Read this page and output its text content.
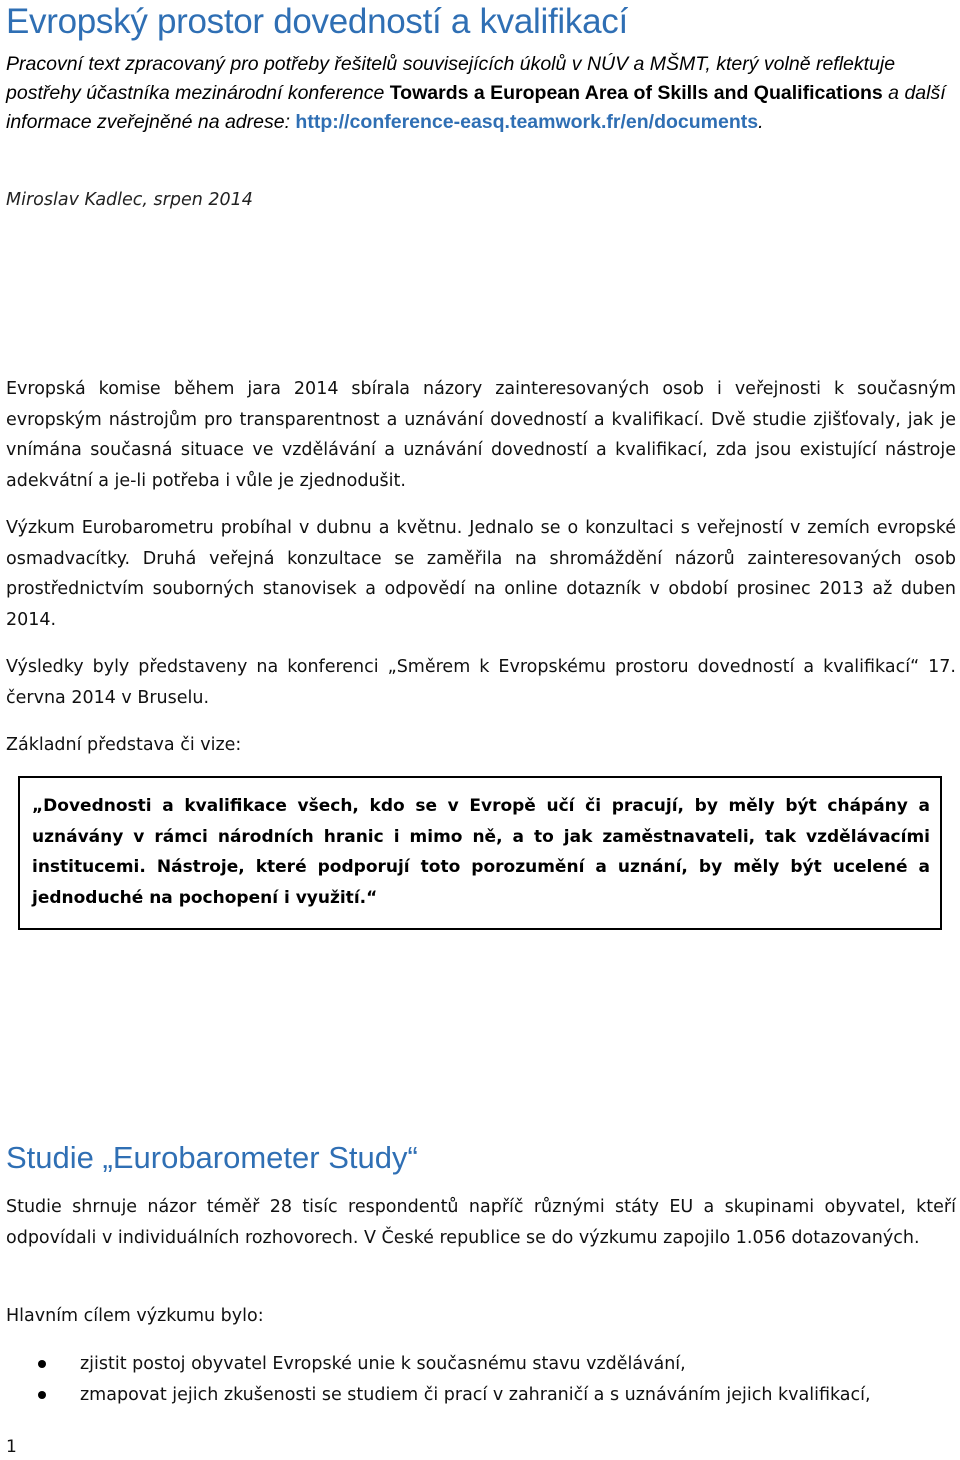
Evropský prostor dovedností a kvalifikací
Pracovní text zpracovaný pro potřeby řešitelů souvisejících úkolů v NÚV a MŠMT, který volně reflektuje postřehy účastníka mezinárodní konference Towards a European Area of Skills and Qualifications a další informace zveřejněné na adrese: http://conference-easq.teamwork.fr/en/documents.
Miroslav Kadlec, srpen 2014

Evropská komise během jara 2014 sbírala názory zainteresovaných osob i veřejnosti k současným evropským nástrojům pro transparentnost a uznávání dovedností a kvalifikací. Dvě studie zjišťovaly, jak je vnímána současná situace ve vzdělávání a uznávání dovedností a kvalifikací, zda jsou existující nástroje adekvátní a je-li potřeba i vůle je zjednodušit.

Výzkum Eurobarometru probíhal v dubnu a květnu. Jednalo se o konzultaci s veřejností v zemích evropské osmadvacítky. Druhá veřejná konzultace se zaměřila na shromáždění názorů zainteresovaných osob prostřednictvím souborných stanovisek a odpovědí na online dotazník v období prosinec 2013 až duben 2014.

Výsledky byly představeny na konferenci „Směrem k Evropskému prostoru dovedností a kvalifikací“ 17. června 2014 v Bruselu.

Základní představa či vize:

„Dovednosti a kvalifikace všech, kdo se v Evropě učí či pracují, by měly být chápány a uznávány v rámci národních hranic i mimo ně, a to jak zaměstnavateli, tak vzdělávacími institucemi. Nástroje, které podporují toto porozumění a uznání, by měly být ucelené a jednoduché na pochopení i využití.“
Studie „Eurobarometer Study“

Studie shrnuje názor téměř 28 tisíc respondentů napříč různými státy EU a skupinami obyvatel, kteří odpovídali v individuálních rozhovorech. V České republice se do výzkumu zapojilo 1.056 dotazovaných.

Hlavním cílem výzkumu bylo:

zjistit postoj obyvatel Evropské unie k současnému stavu vzdělávání,
zmapovat jejich zkušenosti se studiem či prací v zahraničí a s uznáváním jejich kvalifikací,
1
